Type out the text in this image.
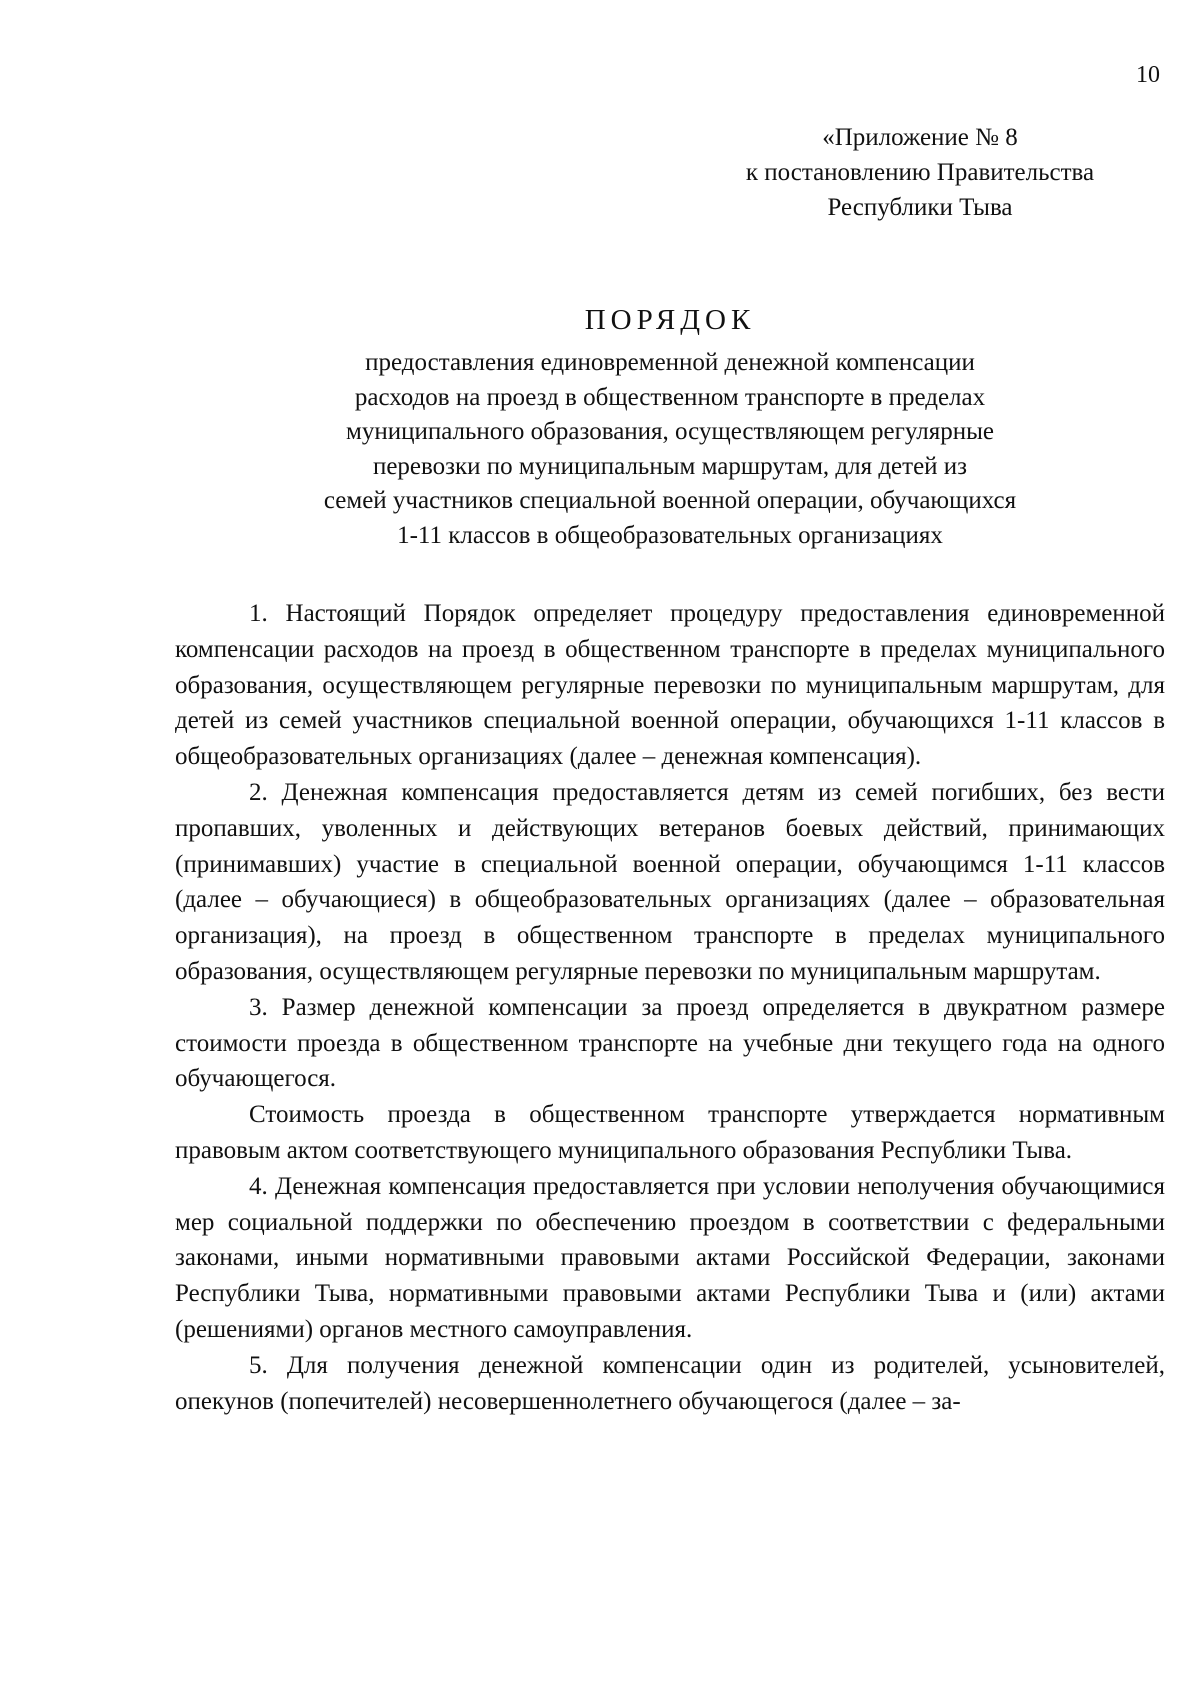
10
«Приложение № 8
к постановлению Правительства
Республики Тыва
ПОРЯДОК
предоставления единовременной денежной компенсации
расходов на проезд в общественном транспорте в пределах
муниципального образования, осуществляющем регулярные
перевозки по муниципальным маршрутам, для детей из
семей участников специальной военной операции, обучающихся
1-11 классов в общеобразовательных организациях

1. Настоящий Порядок определяет процедуру предоставления единовременной компенсации расходов на проезд в общественном транспорте в пределах муниципального образования, осуществляющем регулярные перевозки по муниципальным маршрутам, для детей из семей участников специальной военной операции, обучающихся 1-11 классов в общеобразовательных организациях (далее – денежная компенсация).

2. Денежная компенсация предоставляется детям из семей погибших, без вести пропавших, уволенных и действующих ветеранов боевых действий, принимающих (принимавших) участие в специальной военной операции, обучающимся 1-11 классов (далее – обучающиеся) в общеобразовательных организациях (далее – образовательная организация), на проезд в общественном транспорте в пределах муниципального образования, осуществляющем регулярные перевозки по муниципальным маршрутам.

3. Размер денежной компенсации за проезд определяется в двукратном размере стоимости проезда в общественном транспорте на учебные дни текущего года на одного обучающегося.

Стоимость проезда в общественном транспорте утверждается нормативным правовым актом соответствующего муниципального образования Республики Тыва.

4. Денежная компенсация предоставляется при условии неполучения обучающимися мер социальной поддержки по обеспечению проездом в соответствии с федеральными законами, иными нормативными правовыми актами Российской Федерации, законами Республики Тыва, нормативными правовыми актами Республики Тыва и (или) актами (решениями) органов местного самоуправления.

5. Для получения денежной компенсации один из родителей, усыновителей, опекунов (попечителей) несовершеннолетнего обучающегося (далее – за-
